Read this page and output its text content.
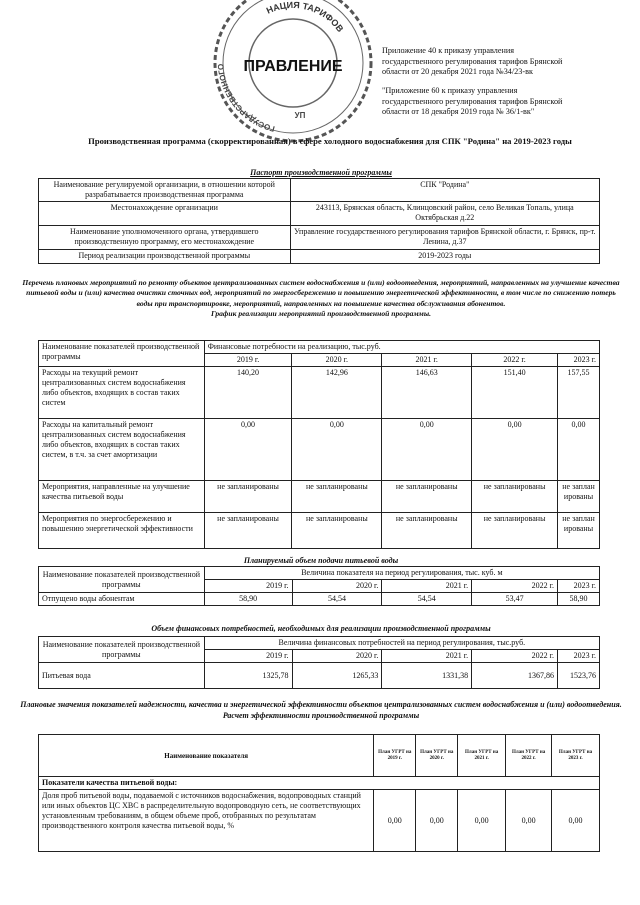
НАЦИЯ ТАРИФОВ
ГОСУДАРСТВЕННОГО	ПРАВЛЕНИЕ
УП
Приложение 40 к приказу управления
государственного регулирования тарифов Брянской
области от 20 декабря 2021 года №34/23-вк
"Приложение 60 к приказу управления
государственного регулирования тарифов Брянской
области от 18 декабря 2019 года № 36/1-вк"
Производственная программа (скорректированная) в сфере холодного водоснабжения для СПК "Родина" на 2019-2023 годы
Паспорт производственной программы
Наименование регулируемой организации, в отношении которой разрабатывается производственная программа	СПК "Родина"
Местонахождение организации	243113, Брянская область, Клинцовский район, село Великая Топаль, улица Октябрьская д.22
Наименование уполномоченного органа, утвердившего производственную программу, его местонахождение	Управление государственного регулирования тарифов Брянской области, г. Брянск, пр-т. Ленина, д.37
Период реализации производственной программы	2019-2023 годы
Перечень плановых мероприятий по ремонту объектов централизованных систем водоснабжения и (или) водоотведения, мероприятий, направленных на улучшение качества питьевой воды и (или) качества очистки сточных вод, мероприятий по энергосбережению и повышению энергетической эффективности, в том числе по снижению потерь воды при транспортировке, мероприятий, направленных на повышение качества обслуживания абонентов.
График реализации мероприятий производственной программы.
Наименование показателей производственной программы	Финансовые потребности на реализацию, тыс.руб.				
	2019 г.	2020 г.	2021 г.	2022 г.	2023 г.
Расходы на текущий ремонт централизованных систем водоснабжения либо объектов, входящих в состав таких систем	140,20	142,96	146,63	151,40	157,55
Расходы на капитальный ремонт централизованных систем водоснабжения либо объектов, входящих в состав таких систем, в т.ч. за счет амортизации	0,00	0,00	0,00	0,00	0,00
Мероприятия, направленные на улучшение качества питьевой воды	не запланированы	не запланированы	не запланированы	не запланированы	не запланированы
Мероприятия по энергосбережению и повышению энергетической эффективности	не запланированы	не запланированы	не запланированы	не запланированы	не запланированы
Планируемый объем подачи питьевой воды
Наименование показателей производственной программы	Величина показателя на период регулирования, тыс. куб. м				
	2019 г.	2020 г.	2021 г.	2022 г.	2023 г.
Отпущено воды абонентам	58,90	54,54	54,54	53,47	58,90
Объем финансовых потребностей, необходимых для реализации производственной программы
Наименование показателей производственной программы	Величина финансовых потребностей на период регулирования, тыс.руб.				
	2019 г.	2020 г.	2021 г.	2022 г.	2023 г.
Питьевая вода	1325,78	1265,33	1331,38	1367,86	1523,76
Плановые значения показателей надежности, качества и энергетической эффективности объектов централизованных систем водоснабжения и (или) водоотведения.
Расчет эффективности производственной программы
Наименование показателя	План УГРТ на 2019 г.	План УГРТ на 2020 г.	План УГРТ на 2021 г.	План УГРТ на 2022 г.	План УГРТ на 2023 г.
Показатели качества питьевой воды:					
Доля проб питьевой воды, подаваемой с источников водоснабжения, водопроводных станций или иных объектов ЦС ХВС в распределительную водопроводную сеть, не соответствующих установленным требованиям, в общем объеме проб, отобранных по результатам производственного контроля качества питьевой воды, %	0,00	0,00	0,00	0,00	0,00
